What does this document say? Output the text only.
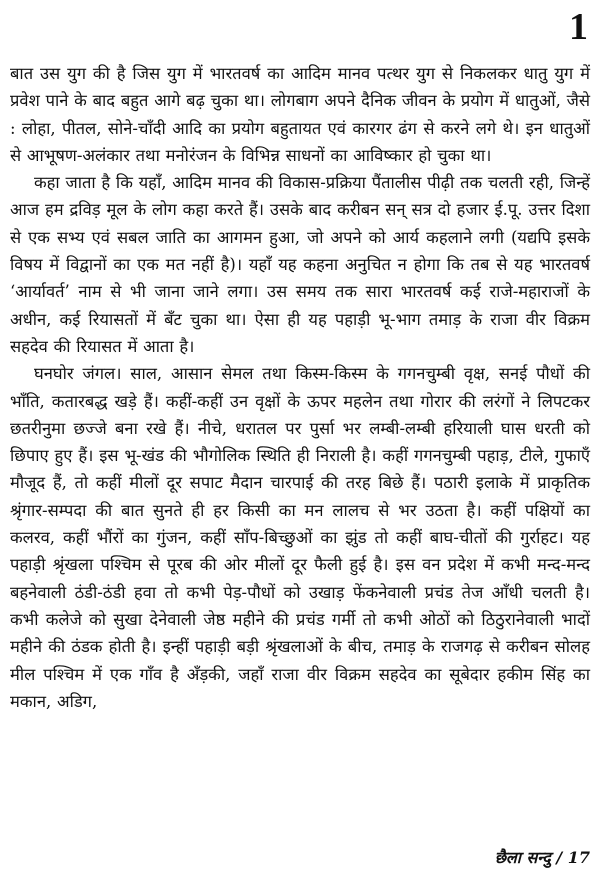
1

बात उस युग की है जिस युग में भारतवर्ष का आदिम मानव पत्थर युग से निकलकर धातु युग में प्रवेश पाने के बाद बहुत आगे बढ़ चुका था। लोगबाग अपने दैनिक जीवन के प्रयोग में धातुओं, जैसे : लोहा, पीतल, सोने-चाँदी आदि का प्रयोग बहुतायत एवं कारगर ढंग से करने लगे थे। इन धातुओं से आभूषण-अलंकार तथा मनोरंजन के विभिन्न साधनों का आविष्कार हो चुका था।

कहा जाता है कि यहाँ, आदिम मानव की विकास-प्रक्रिया पैंतालीस पीढ़ी तक चलती रही, जिन्हें आज हम द्रविड़ मूल के लोग कहा करते हैं। उसके बाद करीबन सन् सत्र दो हजार ई.पू. उत्तर दिशा से एक सभ्य एवं सबल जाति का आगमन हुआ, जो अपने को आर्य कहलाने लगी (यद्यपि इसके विषय में विद्वानों का एक मत नहीं है)। यहाँ यह कहना अनुचित न होगा कि तब से यह भारतवर्ष ‘आर्यावर्त’ नाम से भी जाना जाने लगा। उस समय तक सारा भारतवर्ष कई राजे-महाराजों के अधीन, कई रियासतों में बँट चुका था। ऐसा ही यह पहाड़ी भू-भाग तमाड़ के राजा वीर विक्रम सहदेव की रियासत में आता है।

घनघोर जंगल। साल, आसान सेमल तथा किस्म-किस्म के गगनचुम्बी वृक्ष, सनई पौधों की भाँति, कतारबद्ध खड़े हैं। कहीं-कहीं उन वृक्षों के ऊपर महलेन तथा गोरार की लरंगों ने लिपटकर छतरीनुमा छज्जे बना रखे हैं। नीचे, धरातल पर पुर्सा भर लम्बी-लम्बी हरियाली घास धरती को छिपाए हुए हैं। इस भू-खंड की भौगोलिक स्थिति ही निराली है। कहीं गगनचुम्बी पहाड़, टीले, गुफाएँ मौजूद हैं, तो कहीं मीलों दूर सपाट मैदान चारपाई की तरह बिछे हैं। पठारी इलाके में प्राकृतिक श्रृंगार-सम्पदा की बात सुनते ही हर किसी का मन लालच से भर उठता है। कहीं पक्षियों का कलरव, कहीं भौंरों का गुंजन, कहीं साँप-बिच्छुओं का झुंड तो कहीं बाघ-चीतों की गुर्राहट। यह पहाड़ी श्रृंखला पश्चिम से पूरब की ओर मीलों दूर फैली हुई है। इस वन प्रदेश में कभी मन्द-मन्द बहनेवाली ठंडी-ठंडी हवा तो कभी पेड़-पौधों को उखाड़ फेंकनेवाली प्रचंड तेज आँधी चलती है। कभी कलेजे को सुखा देनेवाली जेष्ठ महीने की प्रचंड गर्मी तो कभी ओठों को ठिठुरानेवाली भादों महीने की ठंडक होती है। इन्हीं पहाड़ी बड़ी श्रृंखलाओं के बीच, तमाड़ के राजगढ़ से करीबन सोलह मील पश्चिम में एक गाँव है अँड़की, जहाँ राजा वीर विक्रम सहदेव का सूबेदार हकीम सिंह का मकान, अडिग,

छैला सन्दु / 17
